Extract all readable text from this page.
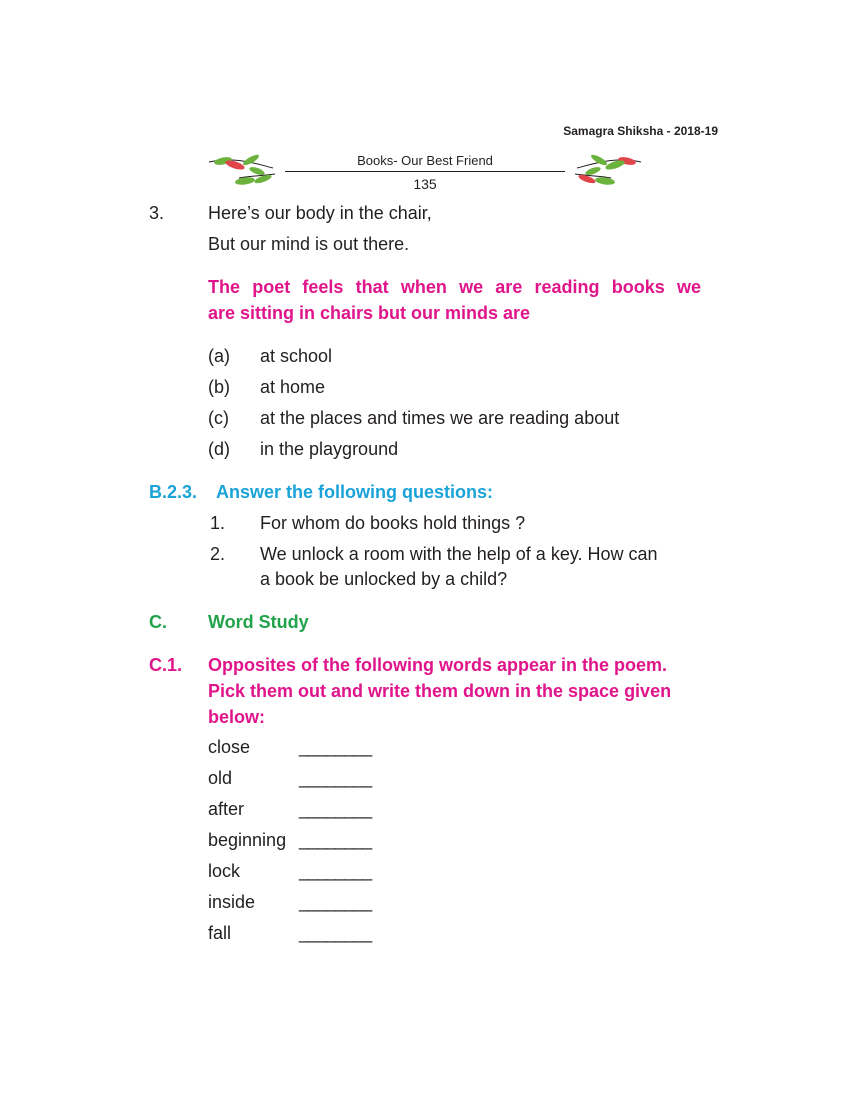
Samagra Shiksha - 2018-19
Books- Our Best Friend
135
3. Here’s our body in the chair,
But our mind is out there.
The poet feels that when we are reading books we
are sitting in chairs but our minds are
(a) at school
(b) at home
(c) at the places and times we are reading about
(d) in the playground
B.2.3. Answer the following questions:
1. For whom do books hold things ?
2. We unlock a room with the help of a key. How can
a book be unlocked by a child?
C. Word Study
C.1. Opposites of the following words appear in the poem.
Pick them out and write them down in the space given
below:
close	________
old	________
after	________
beginning ________
lock	________
inside ________
fall	________
